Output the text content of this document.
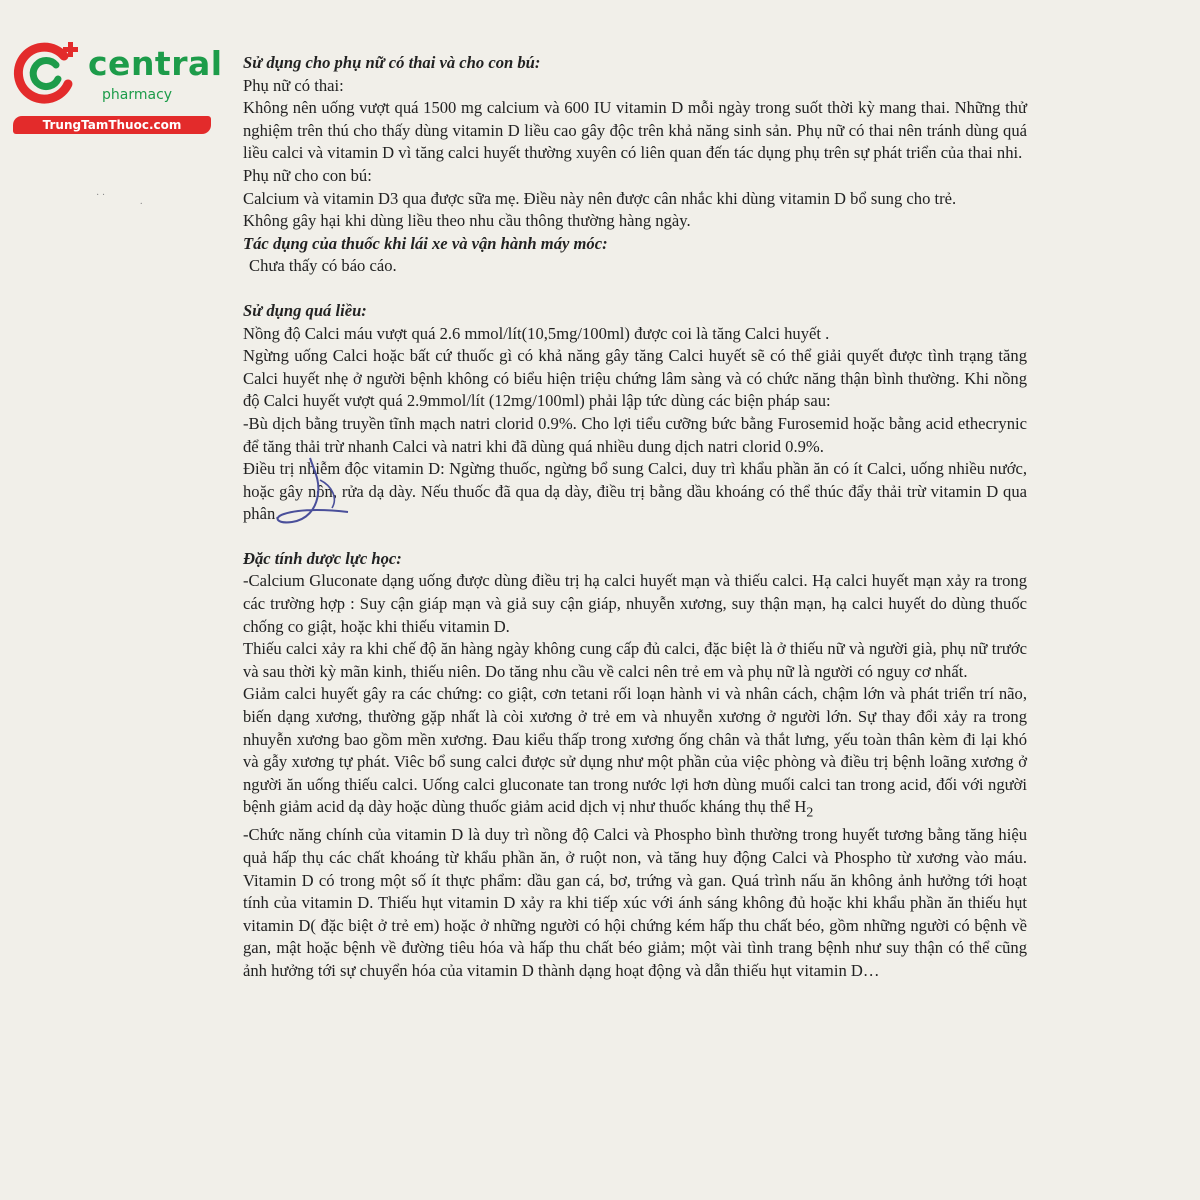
central
pharmacy
TrungTamThuoc.com
· ·
.

Sử dụng cho phụ nữ có thai và cho con bú:

Phụ nữ có thai:

Không nên uống vượt quá 1500 mg calcium và 600 IU vitamin D mỗi ngày trong suốt thời kỳ mang thai. Những thử nghiệm trên thú cho thấy dùng vitamin D liều cao gây độc trên khả năng sinh sản. Phụ nữ có thai nên tránh dùng quá liều calci và vitamin D vì tăng calci huyết thường xuyên có liên quan đến tác dụng phụ trên sự phát triển của thai nhi.

Phụ nữ cho con bú:

Calcium và vitamin D3 qua được sữa mẹ. Điều này nên được cân nhắc khi dùng vitamin D bổ sung cho trẻ.

Không gây hại khi dùng liều theo nhu cầu thông thường hàng ngày.

Tác dụng của thuốc khi lái xe và vận hành máy móc:

Chưa thấy có báo cáo.

Sử dụng quá liều:

Nồng độ Calci máu vượt quá 2.6 mmol/lít(10,5mg/100ml) được coi là tăng Calci huyết .

Ngừng uống Calci hoặc bất cứ thuốc gì có khả năng gây tăng Calci huyết sẽ có thể giải quyết được tình trạng tăng Calci huyết nhẹ ở người bệnh không có biểu hiện triệu chứng lâm sàng và có chức năng thận bình thường. Khi nồng độ Calci huyết vượt quá 2.9mmol/lít (12mg/100ml) phải lập tức dùng các biện pháp sau:

-Bù dịch bằng truyền tĩnh mạch natri clorid 0.9%. Cho lợi tiểu cưỡng bức bằng Furosemid hoặc bằng acid ethecrynic để tăng thải trừ nhanh Calci và natri khi đã dùng quá nhiều dung dịch natri clorid 0.9%.

Điều trị nhiễm độc vitamin D: Ngừng thuốc, ngừng bổ sung Calci, duy trì khẩu phần ăn có ít Calci, uống nhiều nước, hoặc gây nôn, rửa dạ dày. Nếu thuốc đã qua dạ dày, điều trị bằng dầu khoáng có thể thúc đẩy thải trừ vitamin D qua phân.

Đặc tính dược lực học:

-Calcium Gluconate dạng uống được dùng điều trị hạ calci huyết mạn và thiếu calci. Hạ calci huyết mạn xảy ra trong các trường hợp : Suy cận giáp mạn và giả suy cận giáp, nhuyễn xương, suy thận mạn, hạ calci huyết do dùng thuốc chống co giật, hoặc khi thiếu vitamin D.

Thiếu calci xảy ra khi chế độ ăn hàng ngày không cung cấp đủ calci, đặc biệt là ở thiếu nữ và người già, phụ nữ trước và sau thời kỳ mãn kinh, thiếu niên. Do tăng nhu cầu về calci nên trẻ em và phụ nữ là người có nguy cơ nhất.

Giảm calci huyết gây ra các chứng: co giật, cơn tetani rối loạn hành vi và nhân cách, chậm lớn và phát triển trí não, biến dạng xương, thường gặp nhất là còi xương ở trẻ em và nhuyễn xương ở người lớn. Sự thay đổi xảy ra trong nhuyễn xương bao gồm mền xương. Đau kiểu thấp trong xương ống chân và thắt lưng, yếu toàn thân kèm đi lại khó và gẫy xương tự phát. Viêc bổ sung calci được sử dụng như một phần của việc phòng và điều trị bệnh loãng xương ở người ăn uống thiếu calci. Uống calci gluconate tan trong nước lợi hơn dùng muối calci tan trong acid, đối với người bệnh giảm acid dạ dày hoặc dùng thuốc giảm acid dịch vị như thuốc kháng thụ thể $H_2$

-Chức năng chính của vitamin D là duy trì nồng độ Calci và Phospho bình thường trong huyết tương bằng tăng hiệu quả hấp thụ các chất khoáng từ khẩu phần ăn, ở ruột non, và tăng huy động Calci và Phospho từ xương vào máu. Vitamin D có trong một số ít thực phẩm: dầu gan cá, bơ, trứng và gan. Quá trình nấu ăn không ảnh hưởng tới hoạt tính của vitamin D. Thiếu hụt vitamin D xảy ra khi tiếp xúc với ánh sáng không đủ hoặc khi khẩu phần ăn thiếu hụt vitamin D( đặc biệt ở trẻ em) hoặc ở những người có hội chứng kém hấp thu chất béo, gồm những người có bệnh về gan, mật hoặc bệnh về đường tiêu hóa và hấp thu chất béo giảm; một vài tình trang bệnh như suy thận có thể cũng ảnh hưởng tới sự chuyển hóa của vitamin D thành dạng hoạt động và dẫn thiếu hụt vitamin D…
